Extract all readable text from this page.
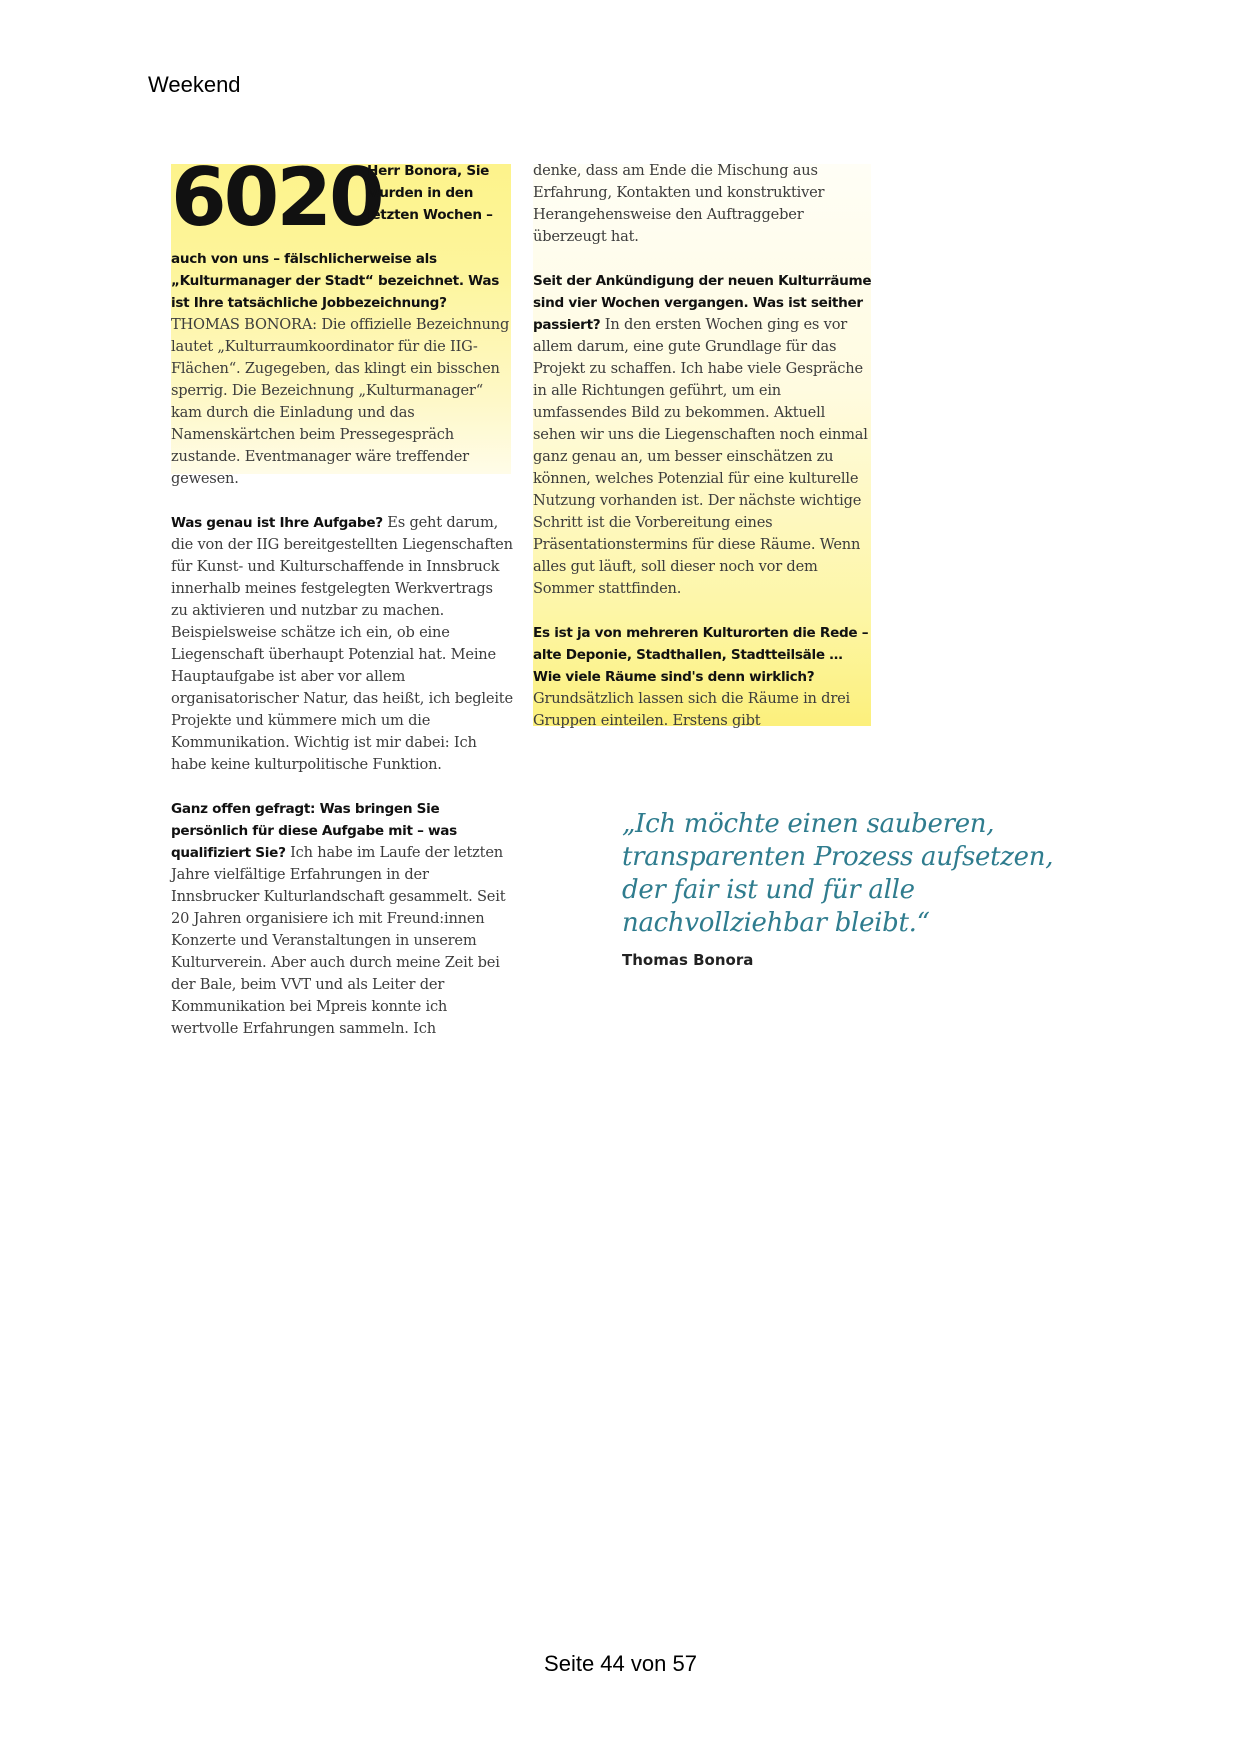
Weekend
6020
Herr Bonora, Sie wurden in den letzten Wochen –

auch von uns – fälschlicherweise als „Kulturmanager der Stadt“ bezeichnet. Was ist Ihre tatsächliche Jobbezeichnung?
THOMAS BONORA: Die offizielle Bezeichnung lautet „Kulturraumkoordinator für die IIG-Flächen“. Zugegeben, das klingt ein bisschen sperrig. Die Bezeichnung „Kulturmanager“ kam durch die Einladung und das Namenskärtchen beim Pressegespräch zustande. Eventmanager wäre treffender gewesen.

Was genau ist Ihre Aufgabe? Es geht darum, die von der IIG bereitgestellten Liegenschaften für Kunst- und Kulturschaffende in Innsbruck innerhalb meines festgelegten Werkvertrags zu aktivieren und nutzbar zu machen. Beispielsweise schätze ich ein, ob eine Liegenschaft überhaupt Potenzial hat. Meine Hauptaufgabe ist aber vor allem organisatorischer Natur, das heißt, ich begleite Projekte und kümmere mich um die Kommunikation. Wichtig ist mir dabei: Ich habe keine kulturpolitische Funktion.

Ganz offen gefragt: Was bringen Sie persönlich für diese Aufgabe mit – was qualifiziert Sie? Ich habe im Laufe der letzten Jahre vielfältige Erfahrungen in der Innsbrucker Kulturlandschaft gesammelt. Seit 20 Jahren organisiere ich mit Freund:innen Konzerte und Veranstaltungen in unserem Kulturverein. Aber auch durch meine Zeit bei der Bale, beim VVT und als Leiter der Kommunikation bei Mpreis konnte ich wertvolle Erfahrungen sammeln. Ich

denke, dass am Ende die Mischung aus Erfahrung, Kontakten und konstruktiver Herangehensweise den Auftraggeber überzeugt hat.

Seit der Ankündigung der neuen Kulturräume sind vier Wochen vergangen. Was ist seither passiert? In den ersten Wochen ging es vor allem darum, eine gute Grundlage für das Projekt zu schaffen. Ich habe viele Gespräche in alle Richtungen geführt, um ein umfassendes Bild zu bekommen. Aktuell sehen wir uns die Liegenschaften noch einmal ganz genau an, um besser einschätzen zu können, welches Potenzial für eine kulturelle Nutzung vorhanden ist. Der nächste wichtige Schritt ist die Vorbereitung eines Präsentationstermins für diese Räume. Wenn alles gut läuft, soll dieser noch vor dem Sommer stattfinden.

Es ist ja von mehreren Kulturorten die Rede – alte Deponie, Stadthallen, Stadtteilsäle … Wie viele Räume sind's denn wirklich? Grundsätzlich lassen sich die Räume in drei Gruppen einteilen. Erstens gibt

„Ich möchte einen sauberen, transparenten Prozess aufsetzen, der fair ist und für alle nachvollziehbar bleibt.“
Thomas Bonora
Seite 44 von 57
